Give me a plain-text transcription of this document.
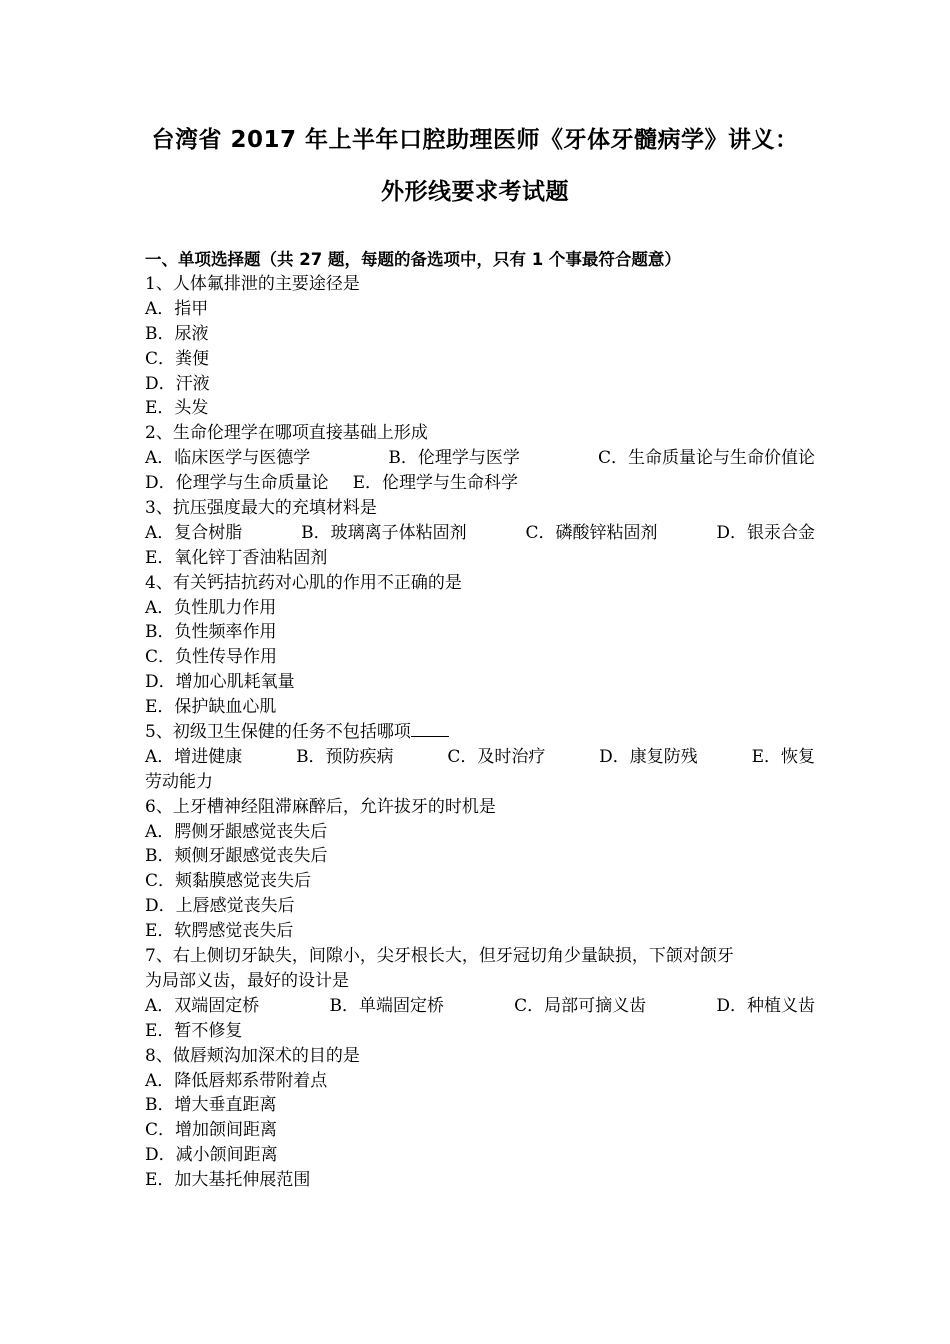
台湾省 2017 年上半年口腔助理医师《牙体牙髓病学》讲义：
外形线要求考试题
一、单项选择题（共 27 题，每题的备选项中，只有 1 个事最符合题意）
1、人体氟排泄的主要途径是
A．指甲
B．尿液
C．粪便
D．汗液
E．头发
2、生命伦理学在哪项直接基础上形成
A．临床医学与医德学	B．伦理学与医学	C．生命质量论与生命价值论
D．伦理学与生命质量论 E．伦理学与生命科学
3、抗压强度最大的充填材料是
A．复合树脂	B．玻璃离子体粘固剂	C．磷酸锌粘固剂	D．银汞合金
E．氧化锌丁香油粘固剂
4、有关钙拮抗药对心肌的作用不正确的是
A．负性肌力作用
B．负性频率作用
C．负性传导作用
D．增加心肌耗氧量
E．保护缺血心肌
5、初级卫生保健的任务不包括哪项
A．增进健康	B．预防疾病	C．及时治疗	D．康复防残	E．恢复
劳动能力
6、上牙槽神经阻滞麻醉后，允许拔牙的时机是
A．腭侧牙龈感觉丧失后
B．颊侧牙龈感觉丧失后
C．颊黏膜感觉丧失后
D．上唇感觉丧失后
E．软腭感觉丧失后
7、右上侧切牙缺失，间隙小，尖牙根长大，但牙冠切角少量缺损，下颌对颌牙
为局部义齿，最好的设计是
A．双端固定桥	B．单端固定桥	C．局部可摘义齿	D．种植义齿
E．暂不修复
8、做唇颊沟加深术的目的是
A．降低唇郏系带附着点
B．增大垂直距离
C．增加颌间距离
D．减小颌间距离
E．加大基托伸展范围
